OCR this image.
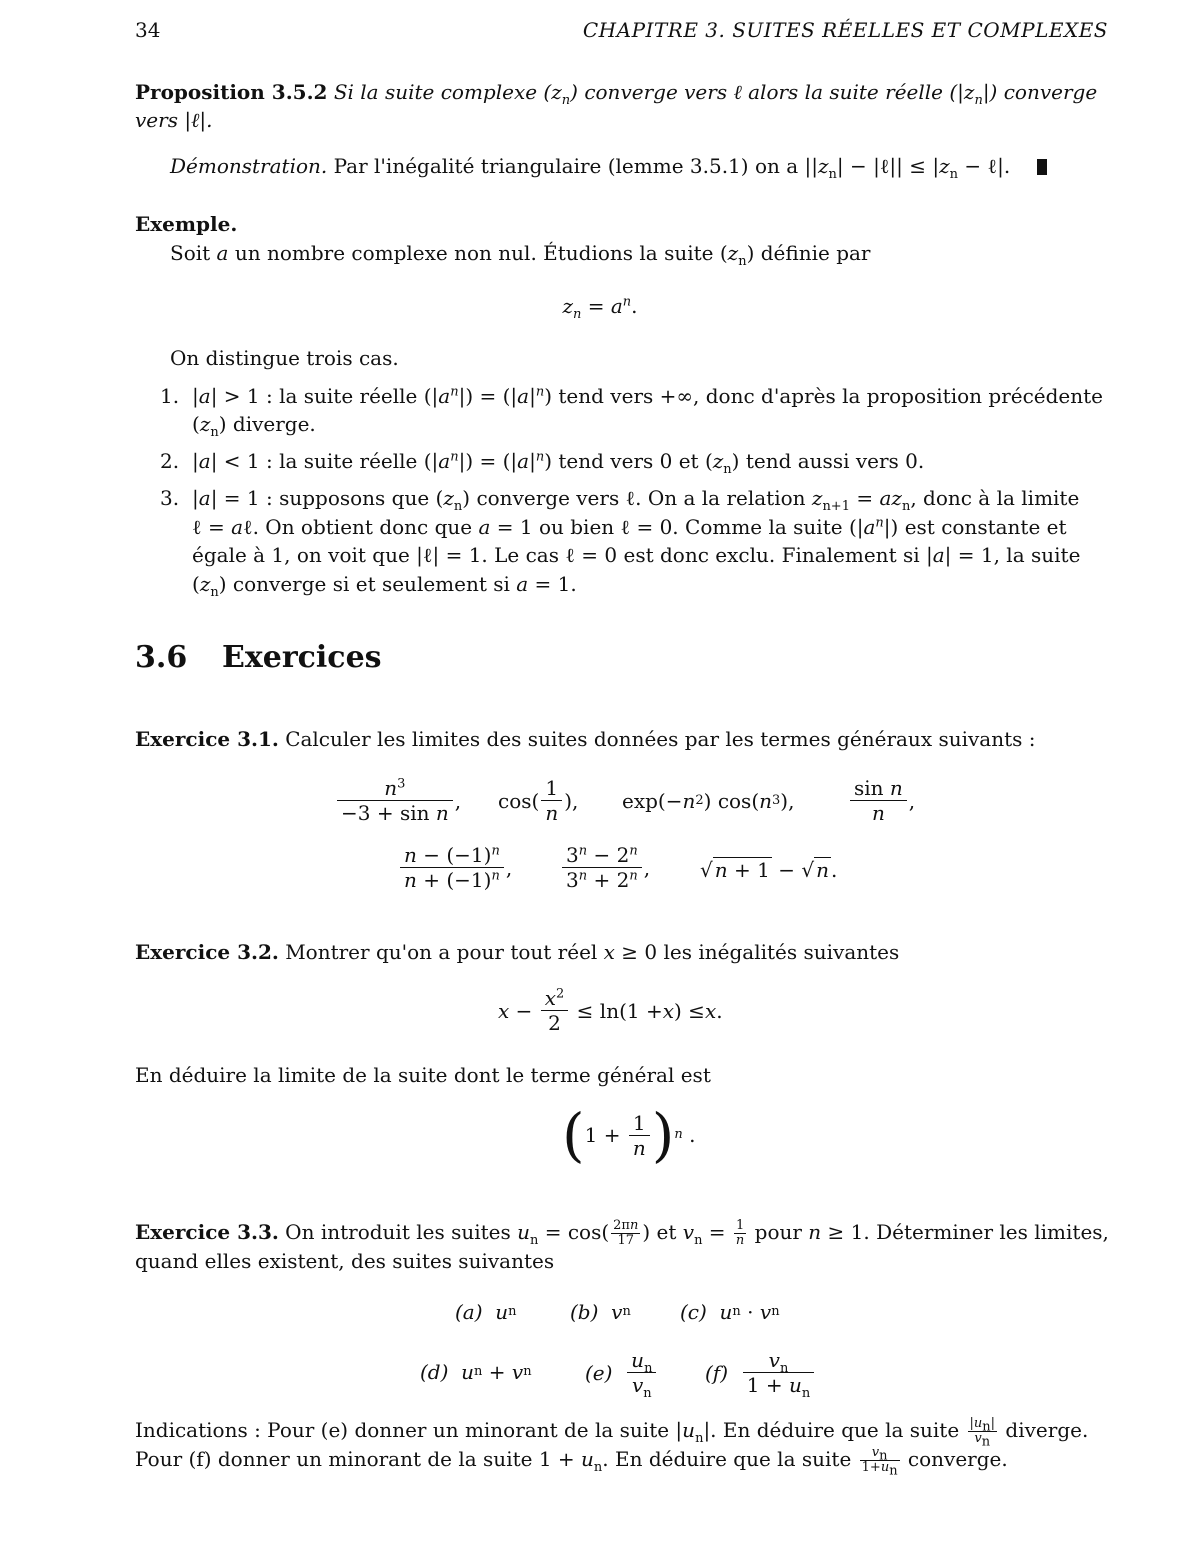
34	CHAPITRE 3. SUITES RÉELLES ET COMPLEXES
Proposition 3.5.2 Si la suite complexe $(z_n)$ converge vers ℓ alors la suite réelle $(|z_n|)$ converge
vers |ℓ|.
Démonstration. Par l'inégalité triangulaire (lemme 3.5.1) on a $||z_n|$ − |ℓ|| ≤ $|z_n$ − ℓ|.
Exemple.
Soit a un nombre complexe non nul. Étudions la suite $(z_n)$ définie par
$z_n = a^n$.
On distingue trois cas.
1. |a| > 1 : la suite réelle $(|a^n|) = (|a|^n)$ tend vers +∞, donc d'après la proposition précédente
$(z_n)$ diverge.
2. |a| < 1 : la suite réelle $(|a^n|) = (|a|^n)$ tend vers 0 et $(z_n)$ tend aussi vers 0.
3. |a| = 1 : supposons que $(z_n)$ converge vers ℓ. On a la relation $z_{n+1} = az_n$, donc à la limite
ℓ = aℓ. On obtient donc que a = 1 ou bien ℓ = 0. Comme la suite $(|a^n|)$ est constante et
égale à 1, on voit que |ℓ| = 1. Le cas ℓ = 0 est donc exclu. Finalement si |a| = 1, la suite
$(z_n)$ converge si et seulement si a = 1.
3.6 Exercices
Exercice 3.1. Calculer les limites des suites données par les termes généraux suivants :
$\frac{n^3}{\text{−3 + sin n}}$ , $\cos( \frac{1}{n}$ ), exp(− n 2 ) cos( n 3 ),	$\frac{\text{sin n}}{n}$ ,
$\frac{n - (-1)^n}{n + (-1)^n}$ , $\frac{3^n - 2^n}{3^n + 2^n}$ , √ n + 1 − √ n .
Exercice 3.2. Montrer qu'on a pour tout réel x ≥ 0 les inégalités suivantes
$x - \frac{x^2}{2} \le \ln(1 + x$ ) ≤ x .
En déduire la limite de la suite dont le terme général est
( $1 + \frac{1}{n}$ ) n .
Exercice 3.3. On introduit les suites $u_n = \cos( \frac{2\pi n}{17}$ ) et $v_n = \frac{1}{n}$ pour n ≥ 1. Déterminer les limites,
quand elles existent, des suites suivantes
(a)
u n	(b)
v n (c)
u n · v n
(d)
u n + v n	(e)
$\frac{u_n}{v_n} (f)$
$\frac{v_n}{1 + u_n}$
Indications : Pour (e) donner un minorant de la suite $|u_n|$. En déduire que la suite $\frac{|u_n|}{v_n}$ diverge.
Pour (f) donner un minorant de la suite $1 + u_n$. En déduire que la suite $\frac{v_n}{1+u_n}$ converge.
